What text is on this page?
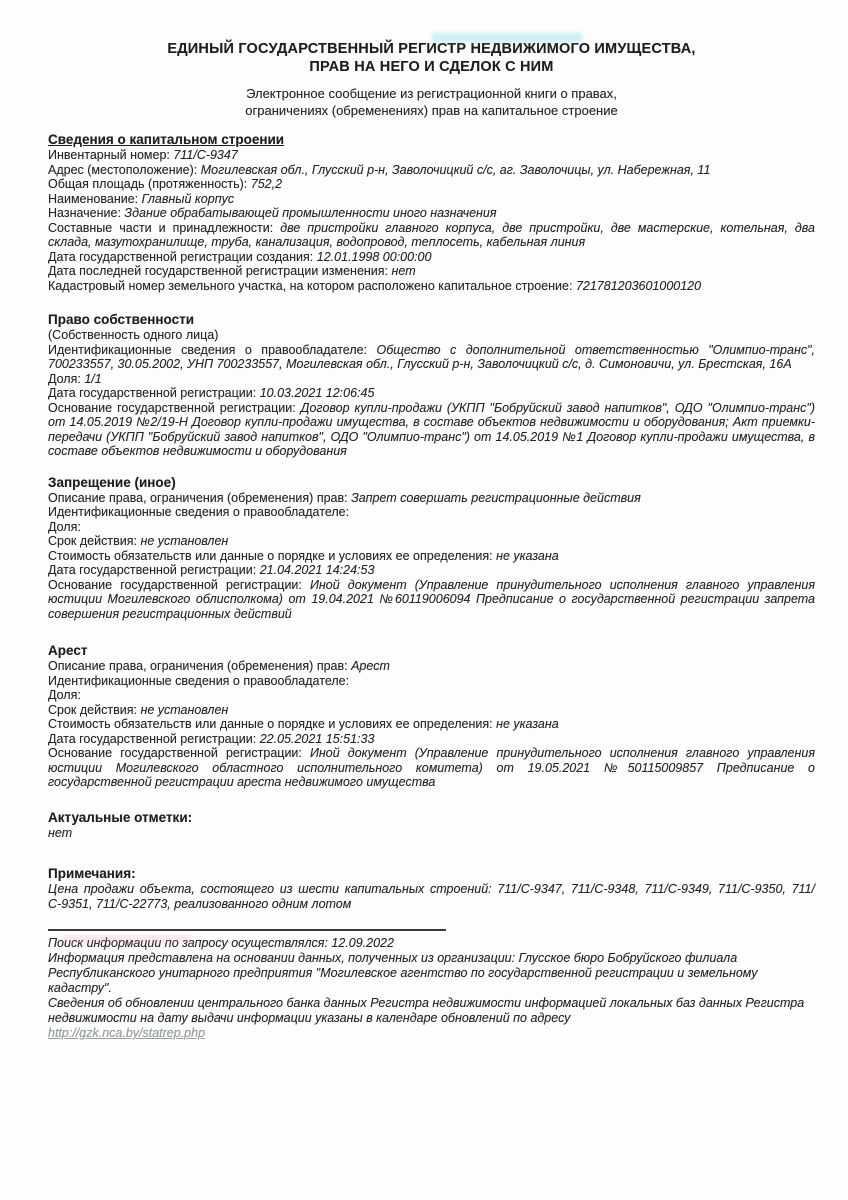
ЕДИНЫЙ ГОСУДАРСТВЕННЫЙ РЕГИСТР НЕДВИЖИМОГО ИМУЩЕСТВА,
ПРАВ НА НЕГО И СДЕЛОК С НИМ
Электронное сообщение из регистрационной книги о правах,
ограничениях (обременениях) прав на капитальное строение
Сведения о капитальном строении
Инвентарный номер: 711/С-9347
Адрес (местоположение): Могилевская обл., Глусский р-н, Заволочицкий с/с, аг. Заволочицы, ул. Набережная, 11
Общая площадь (протяженность): 752,2
Наименование: Главный корпус
Назначение: Здание обрабатывающей промышленности иного назначения
Составные части и принадлежности: две пристройки главного корпуса, две пристройки, две мастерские, котельная, два склада, мазутохранилище, труба, канализация, водопровод, теплосеть, кабельная линия
Дата государственной регистрации создания: 12.01.1998 00:00:00
Дата последней государственной регистрации изменения: нет
Кадастровый номер земельного участка, на котором расположено капитальное строение: 721781203601000120
Право собственности
(Собственность одного лица)
Идентификационные сведения о правообладателе: Общество с дополнительной ответственностью "Олимпио-транс", 700233557, 30.05.2002, УНП 700233557, Могилевская обл., Глусский р-н, Заволочицкий с/с, д. Симоновичи, ул. Брестская, 16А
Доля: 1/1
Дата государственной регистрации: 10.03.2021 12:06:45
Основание государственной регистрации: Договор купли-продажи (УКПП "Бобруйский завод напитков", ОДО "Олимпио-транс") от 14.05.2019 №2/19-Н Договор купли-продажи имущества, в составе объектов недвижимости и оборудования; Акт приемки-передачи (УКПП "Бобруйский завод напитков", ОДО "Олимпио-транс") от 14.05.2019 №1 Договор купли-продажи имущества, в составе объектов недвижимости и оборудования
Запрещение (иное)
Описание права, ограничения (обременения) прав: Запрет совершать регистрационные действия
Идентификационные сведения о правообладателе:
Доля:
Срок действия: не установлен
Стоимость обязательств или данные о порядке и условиях ее определения: не указана
Дата государственной регистрации: 21.04.2021 14:24:53
Основание государственной регистрации: Иной документ (Управление принудительного исполнения главного управления юстиции Могилевского облисполкома) от 19.04.2021 №60119006094 Предписание о государственной регистрации запрета совершения регистрационных действий
Арест
Описание права, ограничения (обременения) прав: Арест
Идентификационные сведения о правообладателе:
Доля:
Срок действия: не установлен
Стоимость обязательств или данные о порядке и условиях ее определения: не указана
Дата государственной регистрации: 22.05.2021 15:51:33
Основание государственной регистрации: Иной документ (Управление принудительного исполнения главного управления юстиции Могилевского областного исполнительного комитета) от 19.05.2021 №50115009857 Предписание о государственной регистрации ареста недвижимого имущества
Актуальные отметки:
нет
Примечания:
Цена продажи объекта, состоящего из шести капитальных строений: 711/С-9347, 711/С-9348, 711/С-9349, 711/С-9350, 711/С-9351, 711/С-22773, реализованного одним лотом
Поиск информации по запросу осуществлялся: 12.09.2022
Информация представлена на основании данных, полученных из организации: Глусское бюро Бобруйского филиала Республиканского унитарного предприятия "Могилевское агентство по государственной регистрации и земельному кадастру".
Сведения об обновлении центрального банка данных Регистра недвижимости информацией локальных баз данных Регистра недвижимости на дату выдачи информации указаны в календаре обновлений по адресу
http://gzk.nca.by/statrep.php
